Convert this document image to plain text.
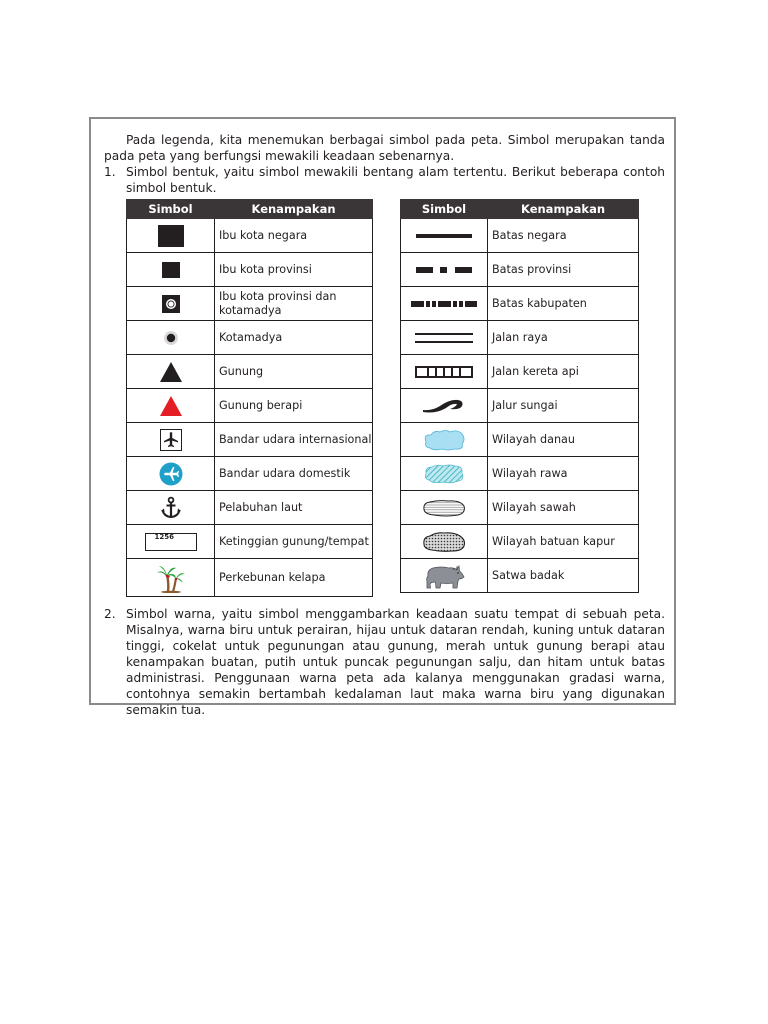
Pada legenda, kita menemukan berbagai simbol pada peta. Simbol merupakan tanda pada peta yang berfungsi mewakili keadaan sebenarnya.

1. Simbol bentuk, yaitu simbol mewakili bentang alam tertentu. Berikut beberapa contoh simbol bentuk.
Simbol	Kenampakan

	Ibu kota negara

	Ibu kota provinsi

	Ibu kota provinsi dan kotamadya

	Kotamadya

	Gunung

	Gunung berapi

	Bandar udara internasional

	Bandar udara domestik

	Pelabuhan laut

1256	Ketinggian gunung/tempat

	Perkebunan kelapa
Simbol	Kenampakan

	Batas negara

	Batas provinsi

	Batas kabupaten

	Jalan raya

	Jalan kereta api

	Jalur sungai

	Wilayah danau

	Wilayah rawa

	Wilayah sawah

	Wilayah batuan kapur

	Satwa badak
2. Simbol warna, yaitu simbol menggambarkan keadaan suatu tempat di sebuah peta. Misalnya, warna biru untuk perairan, hijau untuk dataran rendah, kuning untuk dataran tinggi, cokelat untuk pegunungan atau gunung, merah untuk gunung berapi atau kenampakan buatan, putih untuk puncak pegunungan salju, dan hitam untuk batas administrasi. Penggunaan warna peta ada kalanya menggunakan gradasi warna, contohnya semakin bertambah kedalaman laut maka warna biru yang digunakan semakin tua.
